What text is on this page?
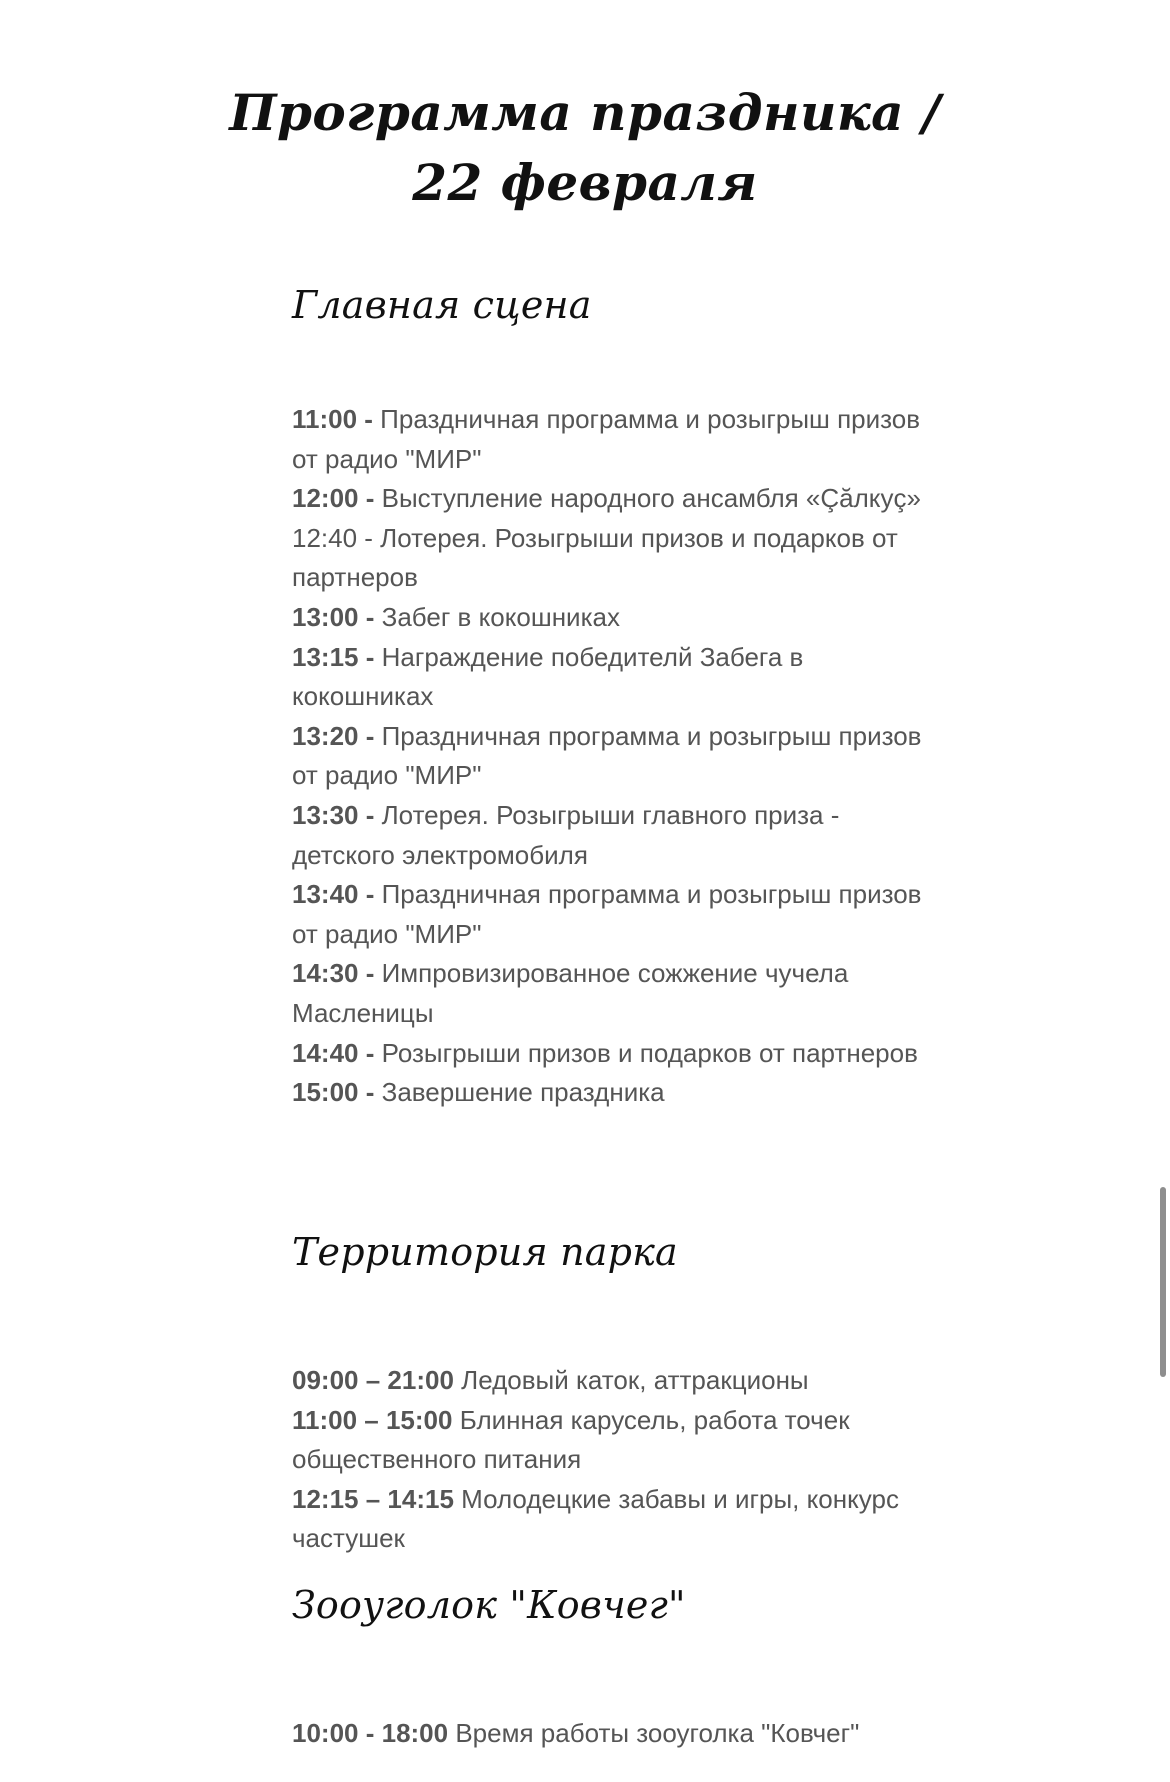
Программа праздника /
22 февраля
Главная сцена
11:00 - Праздничная программа и розыгрыш призов от радио "МИР"
12:00 - Выступление народного ансамбля «Çăлкуç»
12:40 - Лотерея. Розыгрыши призов и подарков от партнеров
13:00 - Забег в кокошниках
13:15 - Награждение победителй Забега в кокошниках
13:20 - Праздничная программа и розыгрыш призов от радио "МИР"
13:30 - Лотерея. Розыгрыши главного приза - детского электромобиля
13:40 - Праздничная программа и розыгрыш призов от радио "МИР"
14:30 - Импровизированное сожжение чучела Масленицы
14:40 - Розыгрыши призов и подарков от партнеров
15:00 - Завершение праздника
Территория парка
09:00 – 21:00 Ледовый каток, аттракционы
11:00 – 15:00 Блинная карусель, работа точек общественного питания
12:15 – 14:15 Молодецкие забавы и игры, конкурс частушек
Зооуголок "Ковчег"
10:00 - 18:00 Время работы зооуголка "Ковчег"
